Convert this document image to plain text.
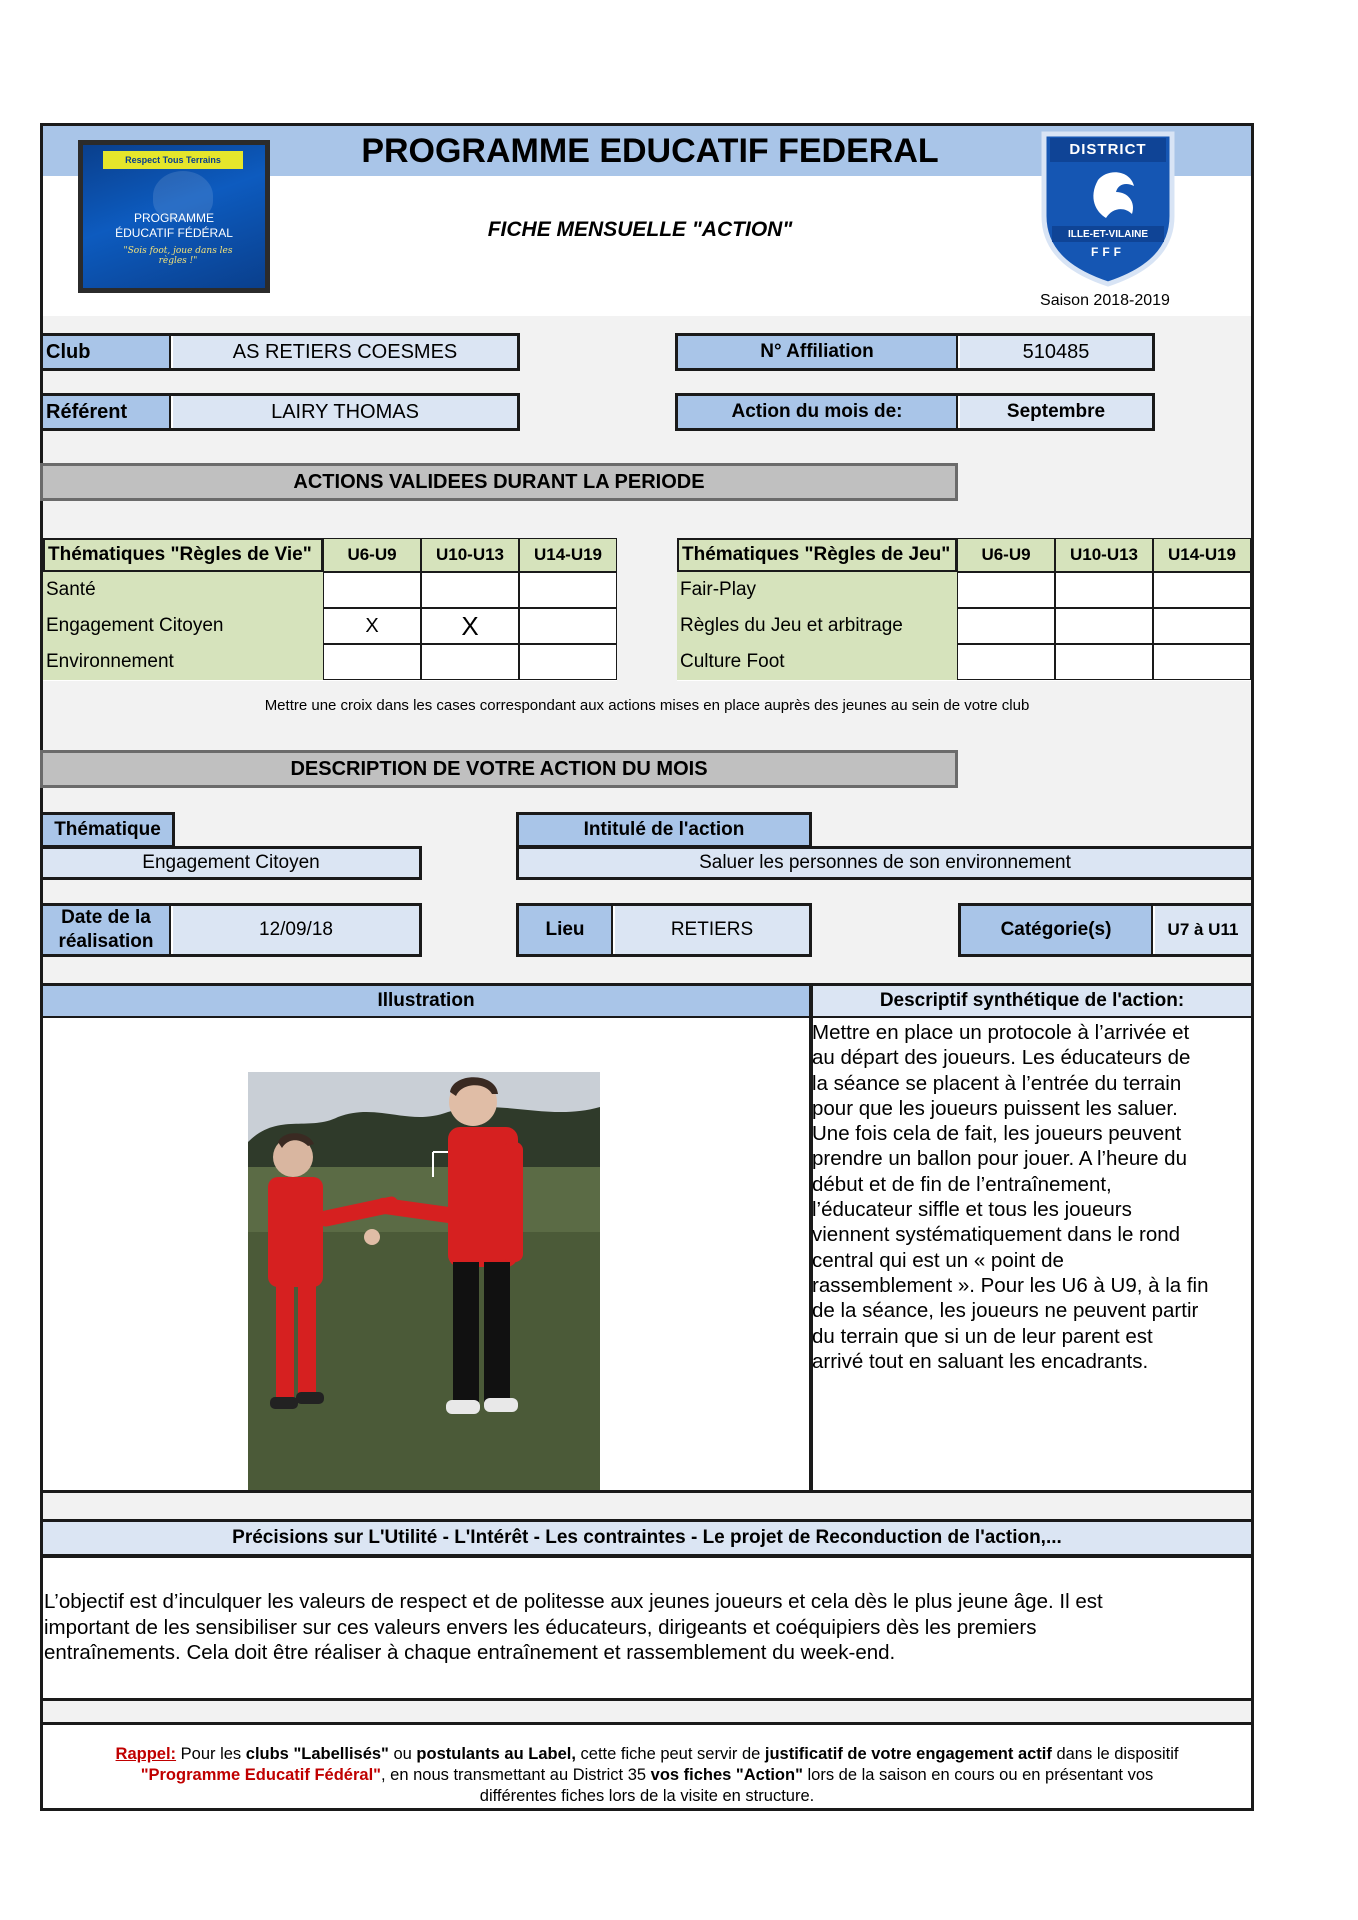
PROGRAMME EDUCATIF FEDERAL
FICHE MENSUELLE "ACTION"
Saison 2018-2019
Respect Tous Terrains
PROGRAMME
ÉDUCATIF FÉDÉRAL
"Sois foot, joue dans les règles !"
DISTRICT
ILLE-ET-VILAINE
FFF
Club	AS RETIERS COESMES
Référent	LAIRY THOMAS
N° Affiliation	510485
Action du mois de:	Septembre
ACTIONS VALIDEES DURANT LA PERIODE
Thématiques "Règles de Vie"	U6-U9	U10-U13	U14-U19
Santé
Engagement Citoyen	X	X
Environnement
Thématiques "Règles de Jeu"	U6-U9	U10-U13	U14-U19
Fair-Play
Règles du Jeu et arbitrage
Culture Foot
Mettre une croix dans les cases correspondant aux actions mises en place auprès des jeunes au sein de votre club
DESCRIPTION DE VOTRE ACTION DU MOIS
Thématique
Engagement Citoyen
Intitulé de l'action
Saluer les personnes de son environnement
Date de la
réalisation
12/09/18	Lieu	RETIERS	Catégorie(s)	U7 à U11
Illustration	Descriptif synthétique de l'action:
Mettre en place un protocole à l’arrivée et
au départ des joueurs. Les éducateurs de
la séance se placent à l’entrée du terrain
pour que les joueurs puissent les saluer.
Une fois cela de fait, les joueurs peuvent
prendre un ballon pour jouer. A l’heure du
début et de fin de l’entraînement,
l’éducateur siffle et tous les joueurs
viennent systématiquement dans le rond
central qui est un « point de
rassemblement ». Pour les U6 à U9, à la fin
de la séance, les joueurs ne peuvent partir
du terrain que si un de leur parent est
arrivé tout en saluant les encadrants.
Précisions sur L'Utilité - L'Intérêt - Les contraintes - Le projet de Reconduction de l'action,...
L’objectif est d’inculquer les valeurs de respect et de politesse aux jeunes joueurs et cela dès le plus jeune âge. Il est
important de les sensibiliser sur ces valeurs envers les éducateurs, dirigeants et coéquipiers dès les premiers
entraînements. Cela doit être réaliser à chaque entraînement et rassemblement du week-end.
Rappel: Pour les clubs "Labellisés" ou postulants au Label, cette fiche peut servir de justificatif de votre engagement actif dans le dispositif
"Programme Educatif Fédéral", en nous transmettant au District 35 vos fiches "Action" lors de la saison en cours ou en présentant vos
différentes fiches lors de la visite en structure.
